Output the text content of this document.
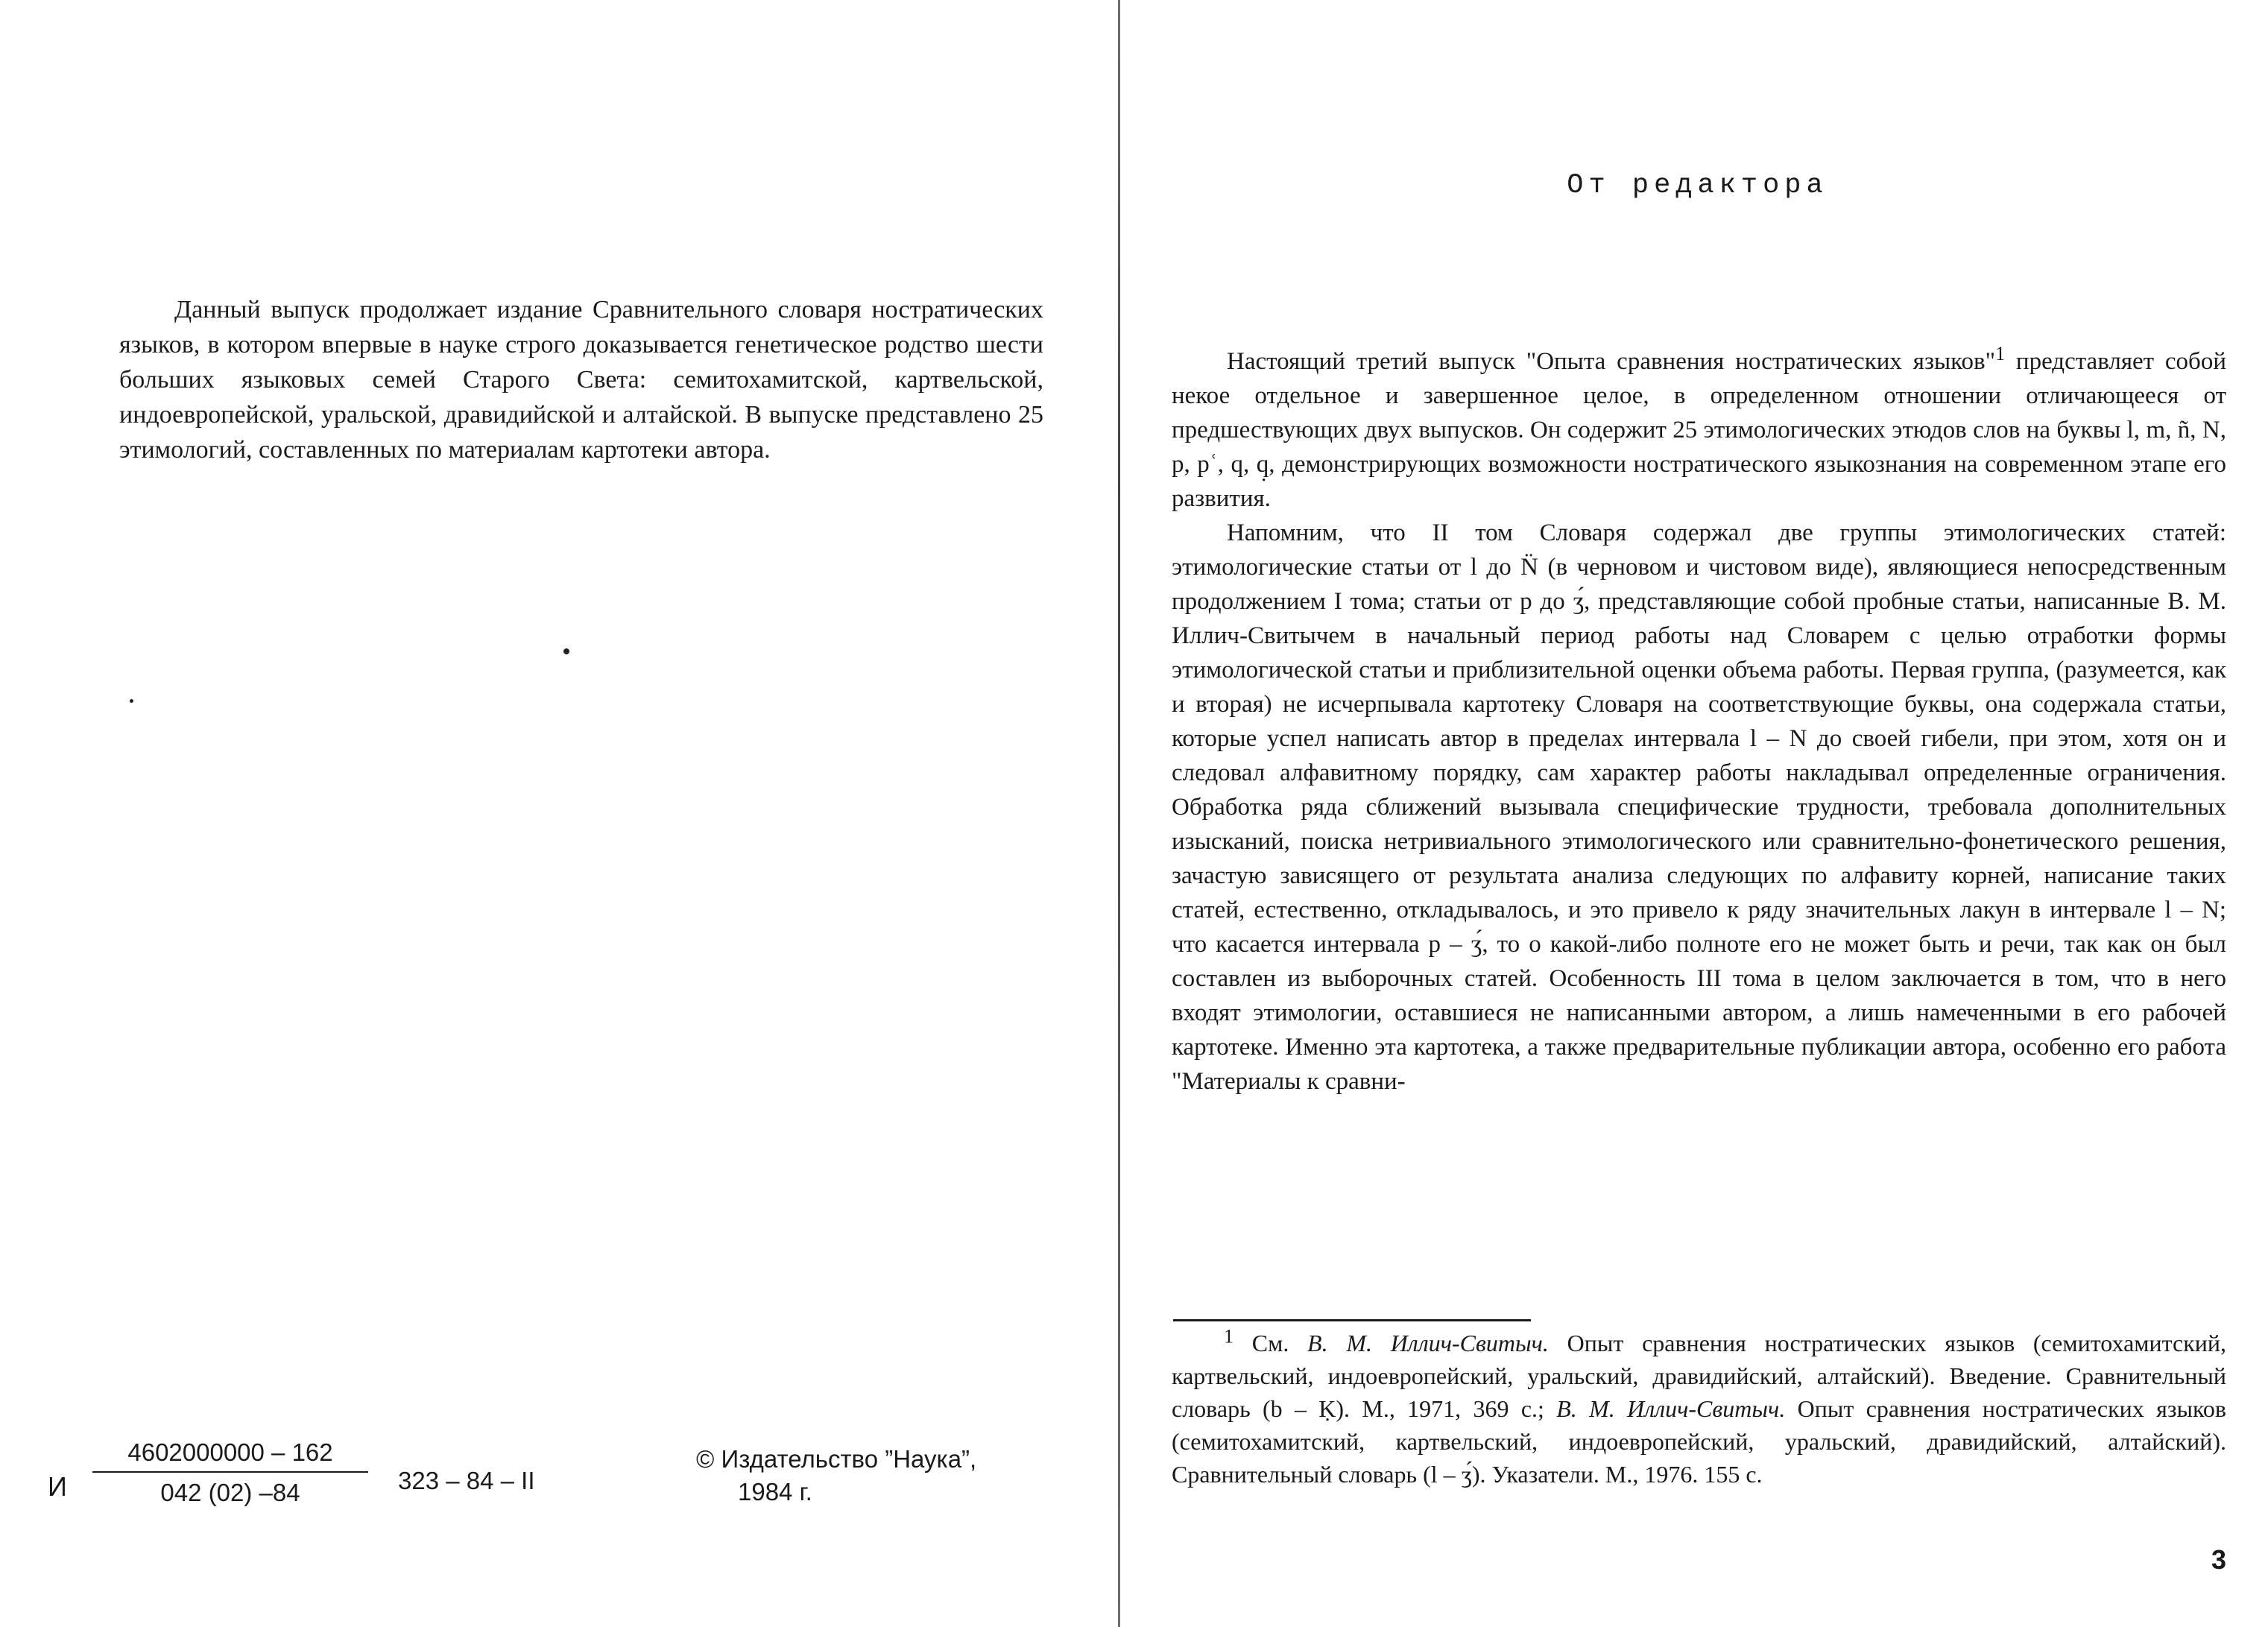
Данный выпуск продолжает издание Сравнительного словаря ностратических языков, в котором впервые в науке строго доказывается генетическое родство шести больших языковых семей Старого Света: семитохамитской, картвельской, индоевропейской, уральской, дравидийской и алтайской. В выпуске представлено 25 этимологий, составленных по материалам картотеки автора.

И $\frac{4602000000 - 162}{042 (02) -84} 323 - 84$ – II
© Издательство ”Наука”,
1984 г.
От редактора

Настоящий третий выпуск "Опыта сравнения ностратических языков"$^1$ представляет собой некое отдельное и завершенное целое, в определенном отношении отличающееся от предшествующих двух выпусков. Он содержит 25 этимологических этюдов слов на буквы l, m, ñ, N, p, pʿ, q, q̣, демонстрирующих возможности ностратического языкознания на современном этапе его развития.

Напомним, что II том Словаря содержал две группы этимологических статей: этимологические статьи от l до N̈ (в черновом и чистовом виде), являющиеся непосредственным продолжением I тома; статьи от p до ʒ́, представляющие собой пробные статьи, написанные В. М. Иллич-Свитычем в начальный период работы над Словарем с целью отработки формы этимологической статьи и приблизительной оценки объема работы. Первая группа, (разумеется, как и вторая) не исчерпывала картотеку Словаря на соответствующие буквы, она содержала статьи, которые успел написать автор в пределах интервала l – N до своей гибели, при этом, хотя он и следовал алфавитному порядку, сам характер работы накладывал определенные ограничения. Обработка ряда сближений вызывала специфические трудности, требовала дополнительных изысканий, поиска нетривиального этимологического или сравнительно-фонетического решения, зачастую зависящего от результата анализа следующих по алфавиту корней, написание таких статей, естественно, откладывалось, и это привело к ряду значительных лакун в интервале l – N; что касается интервала p – ʒ́, то о какой-либо полноте его не может быть и речи, так как он был составлен из выборочных статей. Особенность III тома в целом заключается в том, что в него входят этимологии, оставшиеся не написанными автором, а лишь намеченными в его рабочей картотеке. Именно эта картотека, а также предварительные публикации автора, особенно его работа "Материалы к сравни-

$^1$ См. В. М. Иллич-Свитыч. Опыт сравнения ностратических языков (семитохамитский, картвельский, индоевропейский, уральский, дравидийский, алтайский). Введение. Сравнительный словарь (b – Ḳ). М., 1971, 369 с.; В. М. Иллич-Свитыч. Опыт сравнения ностратических языков (семитохамитский, картвельский, индоевропейский, уральский, дравидийский, алтайский). Сравнительный словарь (l – ʒ́). Указатели. М., 1976. 155 с.

3
